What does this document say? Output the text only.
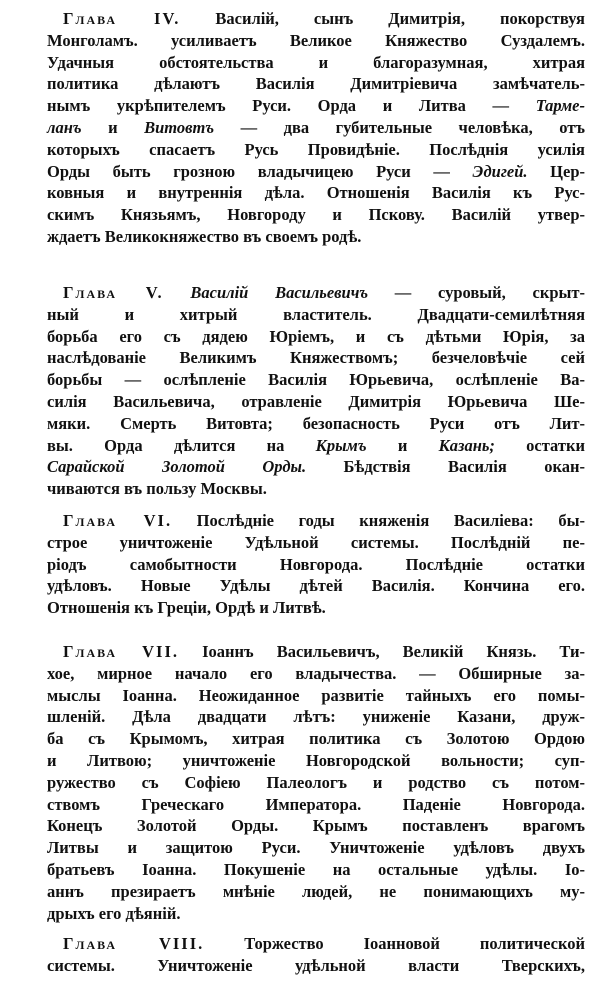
Глава IV. Василій, сынъ Димитрія, покорствуя
Монголамъ. усиливаетъ Великое Княжество Суздалемъ.
Удачныя обстоятельства и благоразумная, хитрая
политика дѣлаютъ Василія Димитріевича замѣчатель-
нымъ укрѣпителемъ Руси. Орда и Литва — Тарме-
ланъ и Витовтъ — два губительные человѣка, отъ
которыхъ спасаетъ Русь Провидѣніе. Послѣднія усилія
Орды быть грозною владычицею Руси — Эдигей. Цер-
ковныя и внутреннія дѣла. Отношенія Василія къ Рус-
скимъ Князьямъ, Новгороду и Пскову. Василій утвер-
ждаетъ Великокняжество въ своемъ родѣ.
Глава V. Василій Васильевичъ — суровый, скрыт-
ный и хитрый властитель. Двадцати-семилѣтняя
борьба его съ дядею Юріемъ, и съ дѣтьми Юрія, за
наслѣдованіе Великимъ Княжествомъ; безчеловѣчіе сей
борьбы — ослѣпленіе Василія Юрьевича, ослѣпленіе Ва-
силія Васильевича, отравленіе Димитрія Юрьевича Ше-
мяки. Смерть Витовта; безопасность Руси отъ Лит-
вы. Орда дѣлится на Крымъ и Казань; остатки
Сарайской Золотой Орды. Бѣдствія Василія окан-
чиваются въ пользу Москвы.
Глава VI. Послѣдніе годы княженія Василіева: бы-
строе уничтоженіе Удѣльной системы. Послѣдній пе-
ріодъ самобытности Новгорода. Послѣдніе остатки
удѣловъ. Новые Удѣлы дѣтей Василія. Кончина его.
Отношенія къ Греціи, Ордѣ и Литвѣ.
Глава VII. Іоаннъ Васильевичъ, Великій Князь. Ти-
хое, мирное начало его владычества. — Обширные за-
мыслы Іоанна. Неожиданное развитіе тайныхъ его помы-
шленій. Дѣла двадцати лѣтъ: униженіе Казани, друж-
ба съ Крымомъ, хитрая политика съ Золотою Ордою
и Литвою; уничтоженіе Новгородской вольности; суп-
ружество съ Софіею Палеологъ и родство съ потом-
ствомъ Греческаго Императора. Паденіе Новгорода.
Конецъ Золотой Орды. Крымъ поставленъ врагомъ
Литвы и защитою Руси. Уничтоженіе удѣловъ двухъ
братьевъ Іоанна. Покушеніе на остальные удѣлы. Іо-
аннъ презираетъ мнѣніе людей, не понимающихъ му-
дрыхъ его дѣяній.
Глава VIII. Торжество Іоанновой политической
системы. Уничтоженіе удѣльной власти Тверскихъ,
